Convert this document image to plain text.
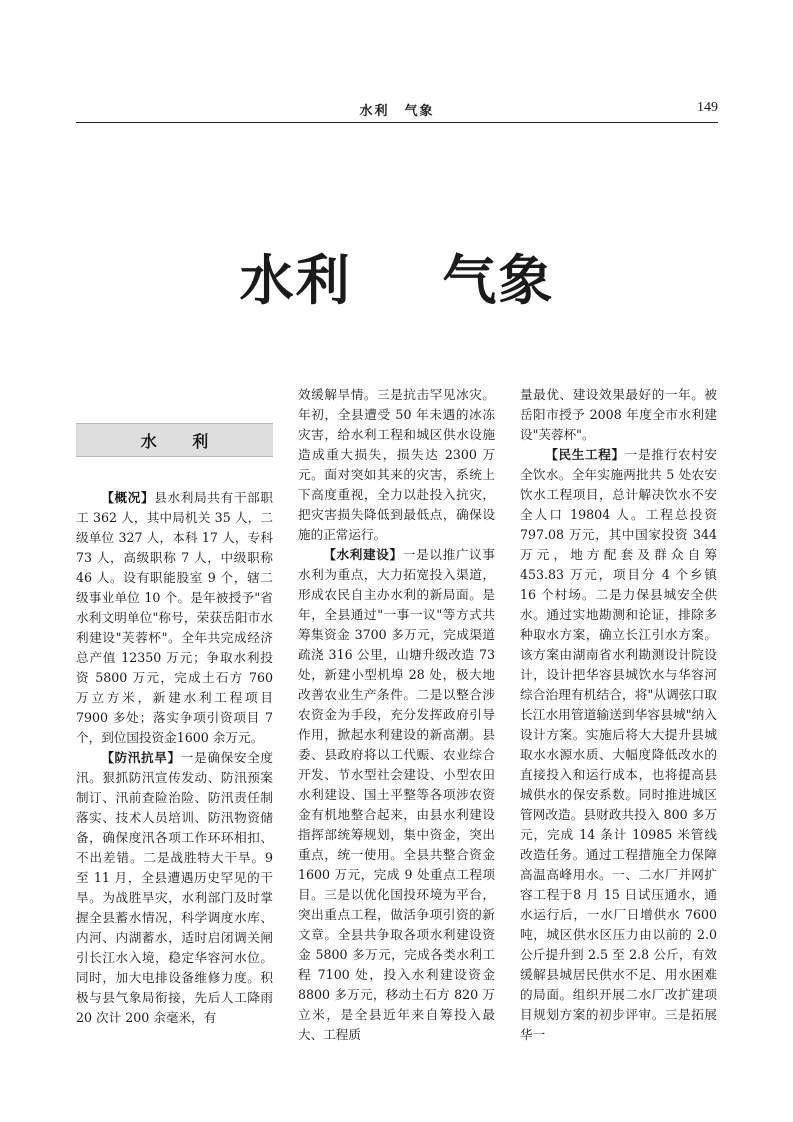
水利　气象	149
水利 气象
水 利

【概况】县水利局共有干部职工 362 人，其中局机关 35 人，二级单位 327 人，本科 17 人，专科 73 人，高级职称 7 人，中级职称 46 人。设有职能股室 9 个，辖二级事业单位 10 个。是年被授予"省水利文明单位"称号，荣获岳阳市水利建设"芙蓉杯"。全年共完成经济总产值 12350 万元；争取水利投资 5800 万元，完成土石方 760 万立方米，新建水利工程项目 7900 多处；落实争项引资项目 7 个，到位国投资金1600 余万元。

【防汛抗旱】一是确保安全度汛。狠抓防汛宣传发动、防汛预案制订、汛前查险治险、防汛责任制落实、技术人员培训、防汛物资储备，确保度汛各项工作环环相扣、不出差错。二是战胜特大干旱。9 至 11 月，全县遭遇历史罕见的干旱。为战胜旱灾，水利部门及时掌握全县蓄水情况，科学调度水库、内河、内湖蓄水，适时启闭调关闸引长江水入境，稳定华容河水位。同时，加大电排设备维修力度。积极与县气象局衔接，先后人工降雨 20 次计 200 余毫米，有

效缓解旱情。三是抗击罕见冰灾。年初，全县遭受 50 年未遇的冰冻灾害，给水利工程和城区供水设施造成重大损失，损失达 2300 万元。面对突如其来的灾害，系统上下高度重视，全力以赴投入抗灾，把灾害损失降低到最低点，确保设施的正常运行。

【水利建设】一是以推广议事水利为重点，大力拓宽投入渠道，形成农民自主办水利的新局面。是年，全县通过"一事一议"等方式共筹集资金 3700 多万元，完成渠道疏浇 316 公里，山塘升级改造 73 处，新建小型机埠 28 处，极大地改善农业生产条件。二是以整合涉农资金为手段，充分发挥政府引导作用，掀起水利建设的新高潮。县委、县政府将以工代赈、农业综合开发、节水型社会建设、小型农田水利建设、国土平整等各项涉农资金有机地整合起来，由县水利建设指挥部统筹规划，集中资金，突出重点，统一使用。全县共整合资金 1600 万元，完成 9 处重点工程项目。三是以优化国投环境为平台，突出重点工程，做活争项引资的新文章。全县共争取各项水利建设资金 5800 多万元，完成各类水利工程 7100 处，投入水利建设资金 8800 多万元，移动土石方 820 万立米，是全县近年来自筹投入最大、工程质

量最优、建设效果最好的一年。被岳阳市授予 2008 年度全市水利建设"芙蓉杯"。

【民生工程】一是推行农村安全饮水。全年实施两批共 5 处农安饮水工程项目，总计解决饮水不安全人口 19804 人。工程总投资797.08 万元，其中国家投资 344 万元，地方配套及群众自筹 453.83 万元，项目分 4 个乡镇 16 个村场。二是力保县城安全供水。通过实地勘测和论证，排除多种取水方案，确立长江引水方案。该方案由湖南省水利勘测设计院设计，设计把华容县城饮水与华容河综合治理有机结合，将"从调弦口取长江水用管道输送到华容县城"纳入设计方案。实施后将大大提升县城取水水源水质、大幅度降低改水的直接投入和运行成本，也将提高县城供水的保安系数。同时推进城区管网改造。县财政共投入 800 多万元，完成 14 条计 10985 米管线改造任务。通过工程措施全力保障高温高峰用水。一、二水厂并网扩容工程于8 月 15 日试压通水，通水运行后，一水厂日增供水 7600 吨，城区供水区压力由以前的 2.0 公斤提升到 2.5 至 2.8 公斤，有效缓解县城居民供水不足、用水困难的局面。组织开展二水厂改扩建项目规划方案的初步评审。三是拓展华一
